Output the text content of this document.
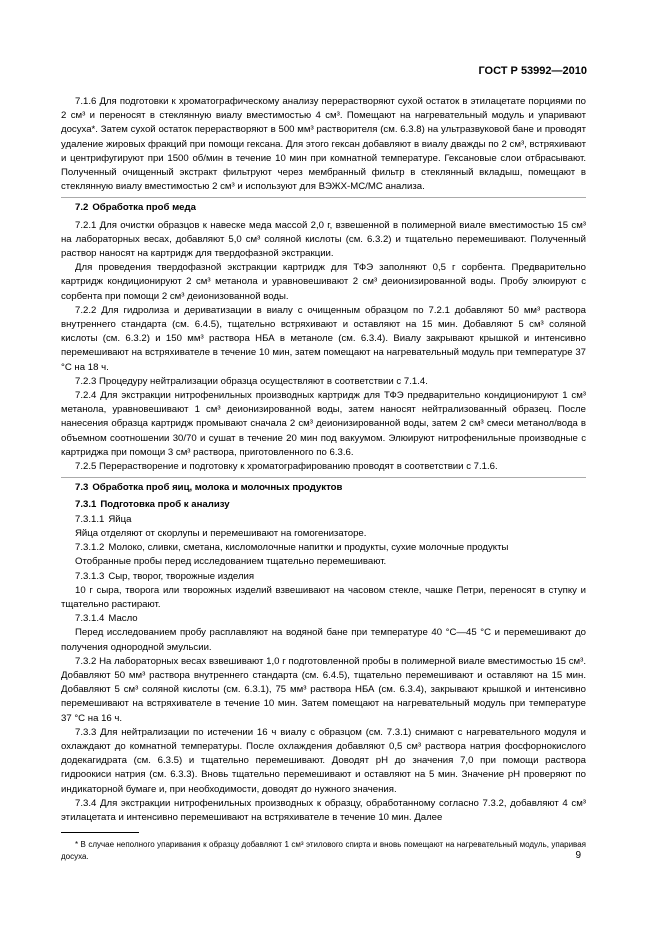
ГОСТ Р 53992—2010

7.1.6 Для подготовки к хроматографическому анализу перерастворяют сухой остаток в этилацетате порциями по 2 см³ и переносят в стеклянную виалу вместимостью 4 см³. Помещают на нагревательный модуль и упаривают досуха*. Затем сухой остаток перерастворяют в 500 мм³ растворителя (см. 6.3.8) на ультразвуковой бане и проводят удаление жировых фракций при помощи гексана. Для этого гексан добавляют в виалу дважды по 2 см³, встряхивают и центрифугируют при 1500 об/мин в течение 10 мин при комнатной температуре. Гексановые слои отбрасывают. Полученный очищенный экстракт фильтруют через мембранный фильтр в стеклянный вкладыш, помещают в стеклянную виалу вместимостью 2 см³ и используют для ВЭЖХ-МС/МС анализа.

7.2 Обработка проб меда

7.2.1 Для очистки образцов к навеске меда массой 2,0 г, взвешенной в полимерной виале вместимостью 15 см³ на лабораторных весах, добавляют 5,0 см³ соляной кислоты (см. 6.3.2) и тщательно перемешивают. Полученный раствор наносят на картридж для твердофазной экстракции.

Для проведения твердофазной экстракции картридж для ТФЭ заполняют 0,5 г сорбента. Предварительно картридж кондиционируют 2 см³ метанола и уравновешивают 2 см³ деионизированной воды. Пробу элюируют с сорбента при помощи 2 см³ деионизованной воды.

7.2.2 Для гидролиза и дериватизации в виалу с очищенным образцом по 7.2.1 добавляют 50 мм³ раствора внутреннего стандарта (см. 6.4.5), тщательно встряхивают и оставляют на 15 мин. Добавляют 5 см³ соляной кислоты (см. 6.3.2) и 150 мм³ раствора НБА в метаноле (см. 6.3.4). Виалу закрывают крышкой и интенсивно перемешивают на встряхивателе в течение 10 мин, затем помещают на нагревательный модуль при температуре 37 °С на 18 ч.

7.2.3 Процедуру нейтрализации образца осуществляют в соответствии с 7.1.4.

7.2.4 Для экстракции нитрофенильных производных картридж для ТФЭ предварительно кондиционируют 1 см³ метанола, уравновешивают 1 см³ деионизированной воды, затем наносят нейтрализованный образец. После нанесения образца картридж промывают сначала 2 см³ деионизированной воды, затем 2 см³ смеси метанол/вода в объемном соотношении 30/70 и сушат в течение 20 мин под вакуумом. Элюируют нитрофенильные производные с картриджа при помощи 3 см³ раствора, приготовленного по 6.3.6.

7.2.5 Перерастворение и подготовку к хроматографированию проводят в соответствии с 7.1.6.

7.3 Обработка проб яиц, молока и молочных продуктов
7.3.1 Подготовка проб к анализу

7.3.1.1 Яйца

Яйца отделяют от скорлупы и перемешивают на гомогенизаторе.

7.3.1.2 Молоко, сливки, сметана, кисломолочные напитки и продукты, сухие молочные продукты

Отобранные пробы перед исследованием тщательно перемешивают.

7.3.1.3 Сыр, творог, творожные изделия

10 г сыра, творога или творожных изделий взвешивают на часовом стекле, чашке Петри, переносят в ступку и тщательно растирают.

7.3.1.4 Масло

Перед исследованием пробу расплавляют на водяной бане при температуре 40 °С—45 °С и перемешивают до получения однородной эмульсии.

7.3.2 На лабораторных весах взвешивают 1,0 г подготовленной пробы в полимерной виале вместимостью 15 см³. Добавляют 50 мм³ раствора внутреннего стандарта (см. 6.4.5), тщательно перемешивают и оставляют на 15 мин. Добавляют 5 см³ соляной кислоты (см. 6.3.1), 75 мм³ раствора НБА (см. 6.3.4), закрывают крышкой и интенсивно перемешивают на встряхивателе в течение 10 мин. Затем помещают на нагревательный модуль при температуре 37 °С на 16 ч.

7.3.3 Для нейтрализации по истечении 16 ч виалу с образцом (см. 7.3.1) снимают с нагревательного модуля и охлаждают до комнатной температуры. После охлаждения добавляют 0,5 см³ раствора натрия фосфорнокислого додекагидрата (см. 6.3.5) и тщательно перемешивают. Доводят рН до значения 7,0 при помощи раствора гидроокиси натрия (см. 6.3.3). Вновь тщательно перемешивают и оставляют на 5 мин. Значение рН проверяют по индикаторной бумаге и, при необходимости, доводят до нужного значения.

7.3.4 Для экстракции нитрофенильных производных к образцу, обработанному согласно 7.3.2, добавляют 4 см³ этилацетата и интенсивно перемешивают на встряхивателе в течение 10 мин. Далее

* В случае неполного упаривания к образцу добавляют 1 см³ этилового спирта и вновь помещают на нагревательный модуль, упаривая досуха.	9
